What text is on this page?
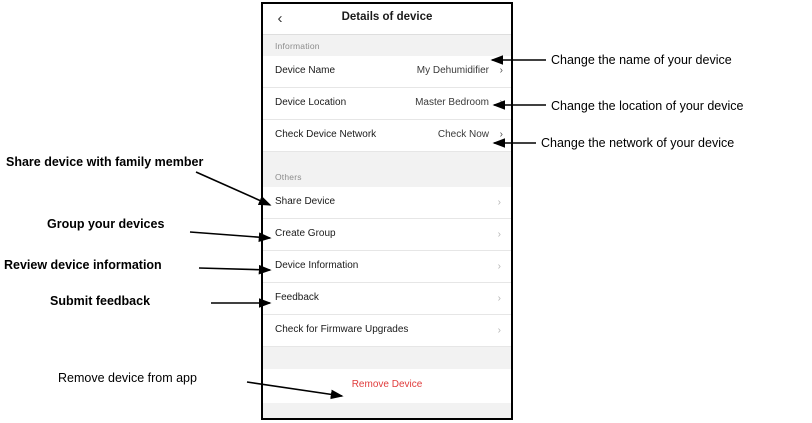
‹	Details of device
Information
Device Name	My Dehumidifier ›
Device Location	Master Bedroom ›
Check Device Network	Check Now ›
Others
Share Device	›
Create Group	›
Device Information	›
Feedback	›
Check for Firmware Upgrades	›
Remove Device
Change the name of your device
Change the location of your device
Change the network of your device
Share device with family member
Group your devices
Review device information
Submit feedback
Remove device from app
